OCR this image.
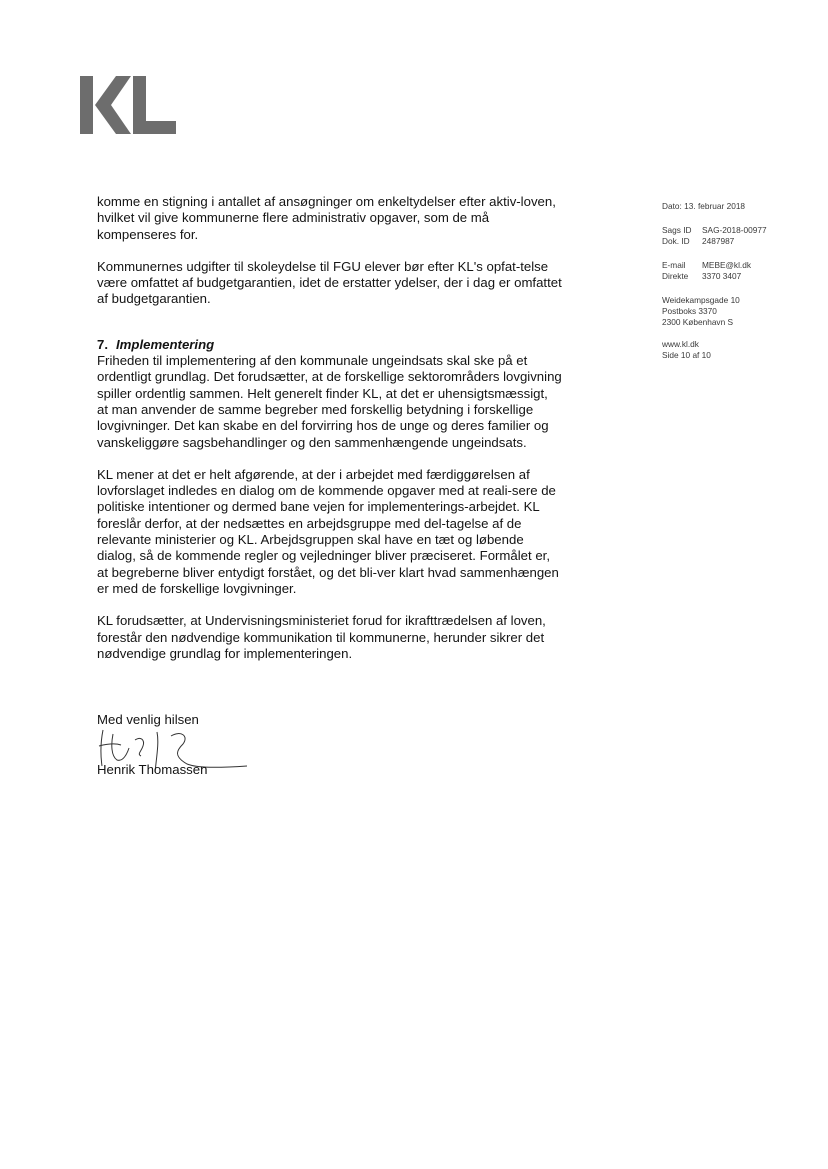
komme en stigning i antallet af ansøgninger om enkeltydelser efter aktiv-loven, hvilket vil give kommunerne flere administrativ opgaver, som de må kompenseres for.

Kommunernes udgifter til skoleydelse til FGU elever bør efter KL's opfat-telse være omfattet af budgetgarantien, idet de erstatter ydelser, der i dag er omfattet af budgetgarantien.

7. Implementering

Friheden til implementering af den kommunale ungeindsats skal ske på et ordentligt grundlag. Det forudsætter, at de forskellige sektorområders lovgivning spiller ordentlig sammen. Helt generelt finder KL, at det er uhensigtsmæssigt, at man anvender de samme begreber med forskellig betydning i forskellige lovgivninger. Det kan skabe en del forvirring hos de unge og deres familier og vanskeliggøre sagsbehandlinger og den sammenhængende ungeindsats.

KL mener at det er helt afgørende, at der i arbejdet med færdiggørelsen af lovforslaget indledes en dialog om de kommende opgaver med at reali-sere de politiske intentioner og dermed bane vejen for implementerings-arbejdet. KL foreslår derfor, at der nedsættes en arbejdsgruppe med del-tagelse af de relevante ministerier og KL. Arbejdsgruppen skal have en tæt og løbende dialog, så de kommende regler og vejledninger bliver præciseret. Formålet er, at begreberne bliver entydigt forstået, og det bli-ver klart hvad sammenhængen er med de forskellige lovgivninger.

KL forudsætter, at Undervisningsministeriet forud for ikrafttrædelsen af loven, forestår den nødvendige kommunikation til kommunerne, herunder sikrer det nødvendige grundlag for implementeringen.

Med venlig hilsen
Henrik Thomassen
Dato: 13. februar 2018
Sags ID SAG-2018-00977
Dok. ID 2487987
E-mail MEBE@kl.dk
Direkte 3370 3407
Weidekampsgade 10
Postboks 3370
2300 København S
www.kl.dk
Side 10 af 10
